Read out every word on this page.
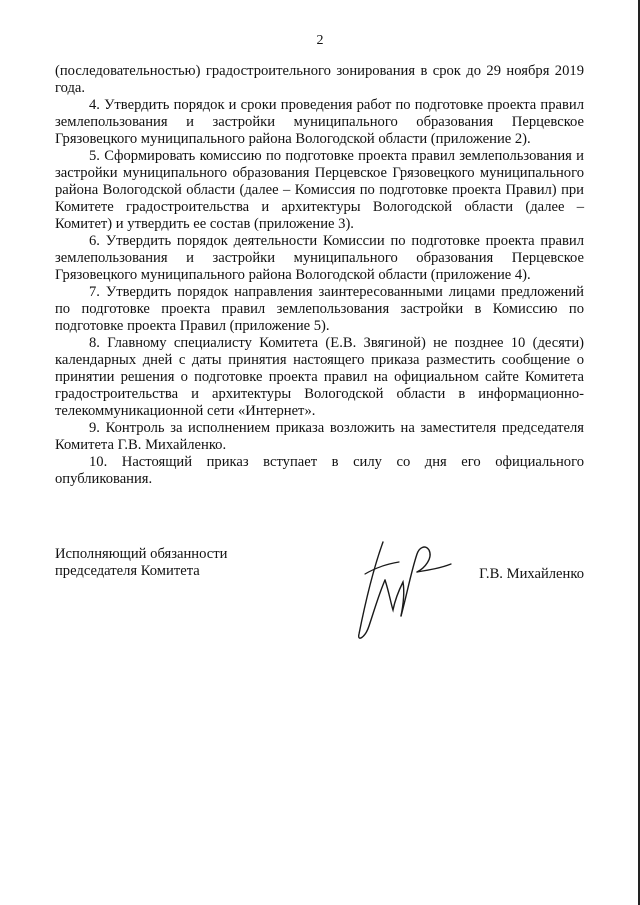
2

(последовательностью) градостроительного зонирования в срок до 29 ноября 2019 года.

4. Утвердить порядок и сроки проведения работ по подготовке проекта правил землепользования и застройки муниципального образования Перцевское Грязовецкого муниципального района Вологодской области (приложение 2).

5. Сформировать комиссию по подготовке проекта правил землепользования и застройки муниципального образования Перцевское Грязовецкого муниципального района Вологодской области (далее – Комиссия по подготовке проекта Правил) при Комитете градостроительства и архитектуры Вологодской области (далее – Комитет) и утвердить ее состав (приложение 3).

6. Утвердить порядок деятельности Комиссии по подготовке проекта правил землепользования и застройки муниципального образования Перцевское Грязовецкого муниципального района Вологодской области (приложение 4).

7. Утвердить порядок направления заинтересованными лицами предложений по подготовке проекта правил землепользования застройки в Комиссию по подготовке проекта Правил (приложение 5).

8. Главному специалисту Комитета (Е.В. Звягиной) не позднее 10 (десяти) календарных дней с даты принятия настоящего приказа разместить сообщение о принятии решения о подготовке проекта правил на официальном сайте Комитета градостроительства и архитектуры Вологодской области в информационно-телекоммуникационной сети «Интернет».

9. Контроль за исполнением приказа возложить на заместителя председателя Комитета Г.В. Михайленко.

10. Настоящий приказ вступает в силу со дня его официального опубликования.

Исполняющий обязанности
председателя Комитета	Г.В. Михайленко
